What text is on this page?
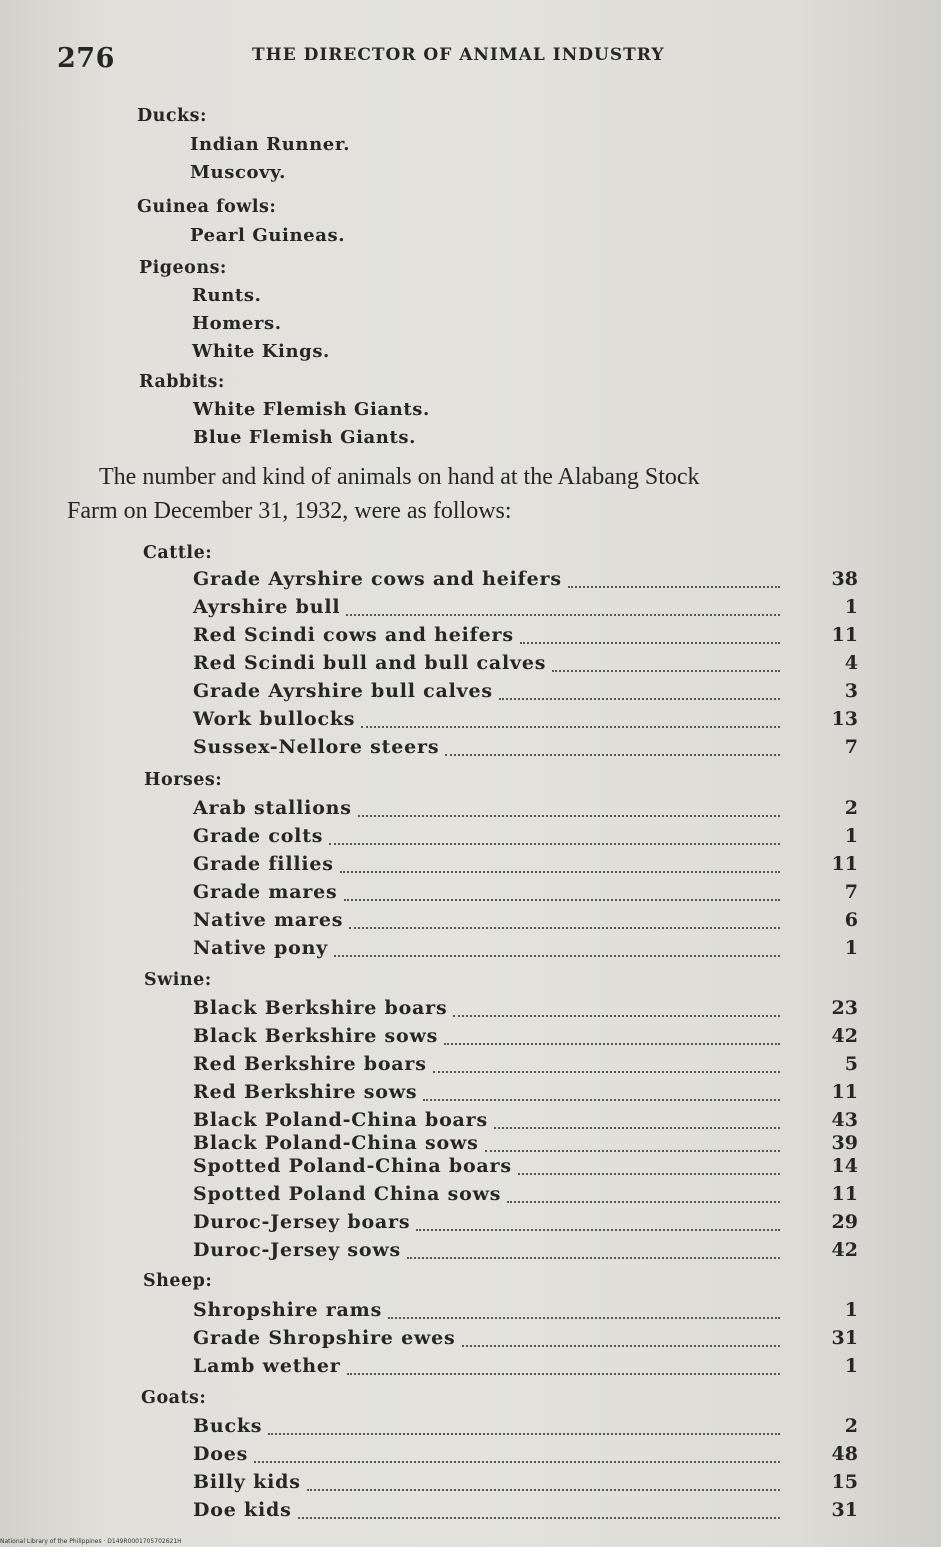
276	THE DIRECTOR OF ANIMAL INDUSTRY
Ducks:
Indian Runner.
Muscovy.
Guinea fowls:
Pearl Guineas.
Pigeons:
Runts.
Homers.
White Kings.
Rabbits:
White Flemish Giants.
Blue Flemish Giants.
The number and kind of animals on hand at the Alabang Stock
Farm on December 31, 1932, were as follows:
Cattle:
Grade Ayrshire cows and heifers	38
Ayrshire bull	1
Red Scindi cows and heifers	11
Red Scindi bull and bull calves	4
Grade Ayrshire bull calves	3
Work bullocks	13
Sussex-Nellore steers	7
Horses:
Arab stallions	2
Grade colts	1
Grade fillies	11
Grade mares	7
Native mares	6
Native pony	1
Swine:
Black Berkshire boars	23
Black Berkshire sows	42
Red Berkshire boars	5
Red Berkshire sows	11
Black Poland-China boars	43
Black Poland-China sows	39
Spotted Poland-China boars	14
Spotted Poland China sows	11
Duroc-Jersey boars	29
Duroc-Jersey sows	42
Sheep:
Shropshire rams	1
Grade Shropshire ewes	31
Lamb wether	1
Goats:
Bucks	2
Does	48
Billy kids	15
Doe kids	31
National Library of the Philippines · D149R0001705702621H
